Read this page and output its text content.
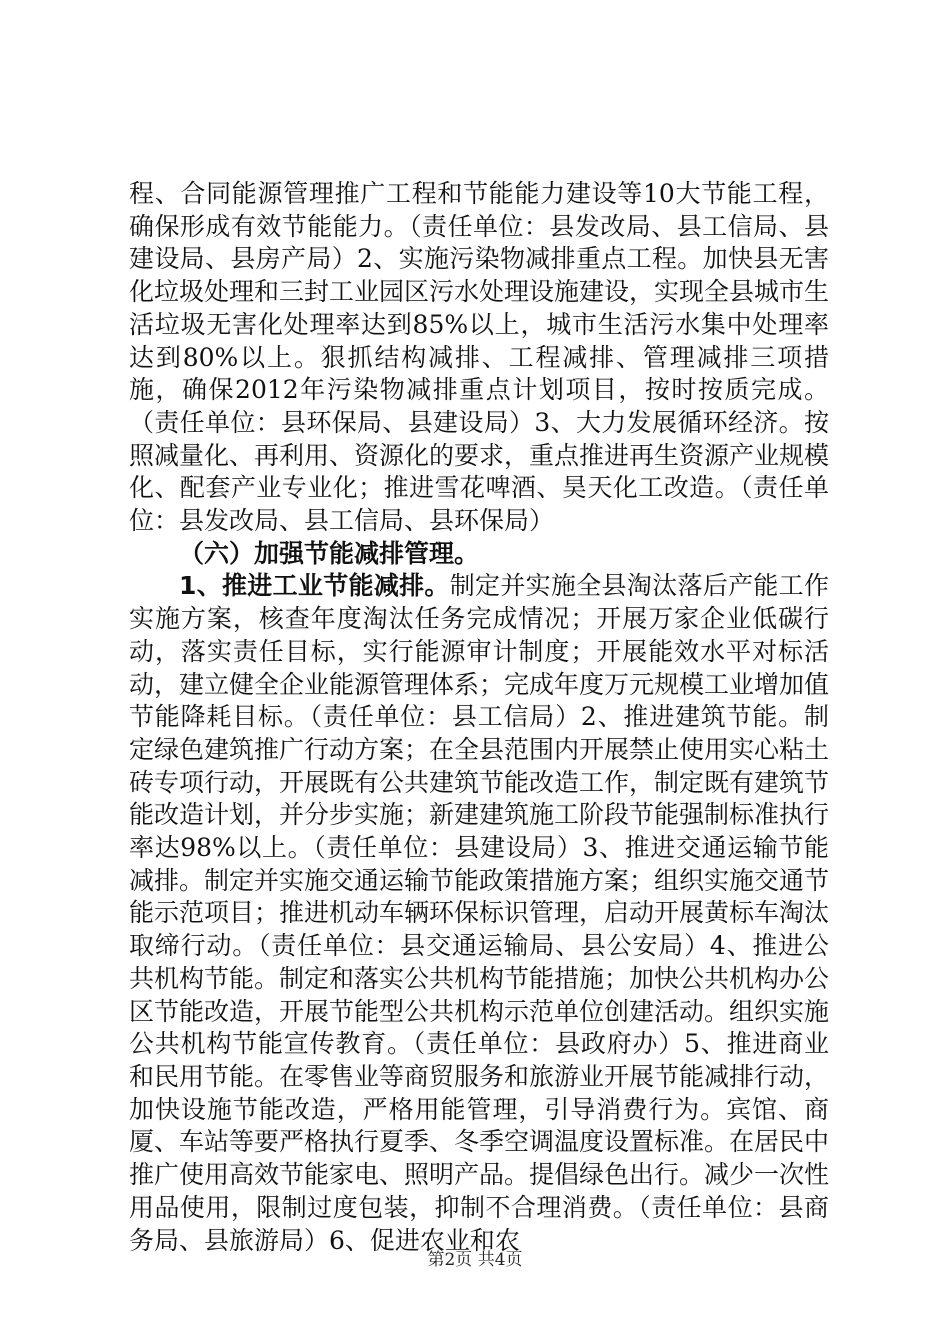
程、合同能源管理推广工程和节能能力建设等10大节能工程，确保形成有效节能能力。（责任单位：县发改局、县工信局、县建设局、县房产局）2、实施污染物减排重点工程。加快县无害化垃圾处理和三封工业园区污水处理设施建设，实现全县城市生活垃圾无害化处理率达到85%以上，城市生活污水集中处理率达到80%以上。狠抓结构减排、工程减排、管理减排三项措施，确保2012年污染物减排重点计划项目，按时按质完成。（责任单位：县环保局、县建设局）3、大力发展循环经济。按照减量化、再利用、资源化的要求，重点推进再生资源产业规模化、配套产业专业化；推进雪花啤酒、昊天化工改造。（责任单位：县发改局、县工信局、县环保局）

（六）加强节能减排管理。

1、推进工业节能减排。制定并实施全县淘汰落后产能工作实施方案，核查年度淘汰任务完成情况；开展万家企业低碳行动，落实责任目标，实行能源审计制度；开展能效水平对标活动，建立健全企业能源管理体系；完成年度万元规模工业增加值节能降耗目标。（责任单位：县工信局）2、推进建筑节能。制定绿色建筑推广行动方案；在全县范围内开展禁止使用实心粘土砖专项行动，开展既有公共建筑节能改造工作，制定既有建筑节能改造计划，并分步实施；新建建筑施工阶段节能强制标准执行率达98%以上。（责任单位：县建设局）3、推进交通运输节能减排。制定并实施交通运输节能政策措施方案；组织实施交通节能示范项目；推进机动车辆环保标识管理，启动开展黄标车淘汰取缔行动。（责任单位：县交通运输局、县公安局）4、推进公共机构节能。制定和落实公共机构节能措施；加快公共机构办公区节能改造，开展节能型公共机构示范单位创建活动。组织实施公共机构节能宣传教育。（责任单位：县政府办）5、推进商业和民用节能。在零售业等商贸服务和旅游业开展节能减排行动，加快设施节能改造，严格用能管理，引导消费行为。宾馆、商厦、车站等要严格执行夏季、冬季空调温度设置标准。在居民中推广使用高效节能家电、照明产品。提倡绿色出行。减少一次性用品使用，限制过度包装，抑制不合理消费。（责任单位：县商务局、县旅游局）6、促进农业和农

第2页 共4页
